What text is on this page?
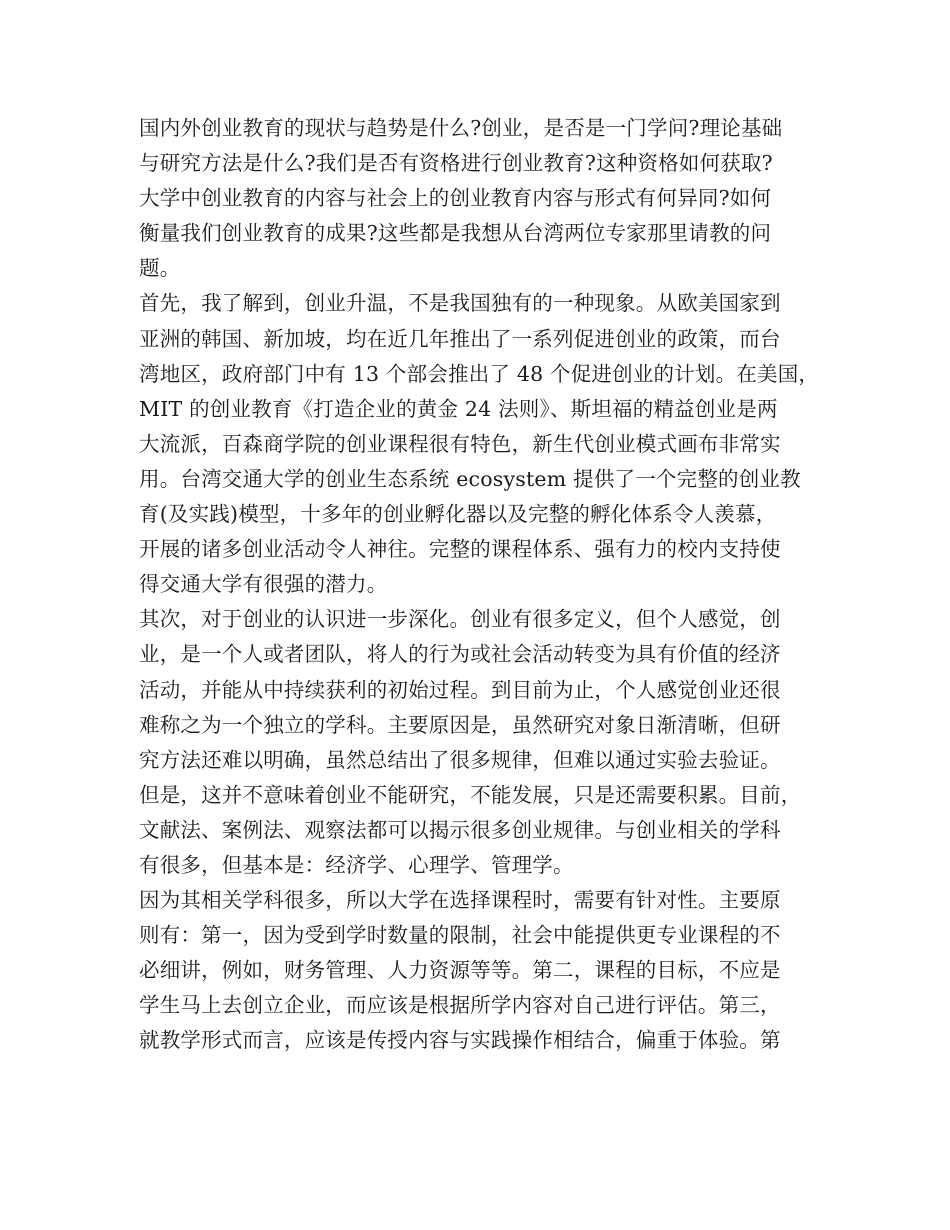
国内外创业教育的现状与趋势是什么?创业，是否是一门学问?理论基础
与研究方法是什么?我们是否有资格进行创业教育?这种资格如何获取?
大学中创业教育的内容与社会上的创业教育内容与形式有何异同?如何
衡量我们创业教育的成果?这些都是我想从台湾两位专家那里请教的问
题。
首先，我了解到，创业升温，不是我国独有的一种现象。从欧美国家到
亚洲的韩国、新加坡，均在近几年推出了一系列促进创业的政策，而台
湾地区，政府部门中有 13 个部会推出了 48 个促进创业的计划。在美国，
MIT 的创业教育《打造企业的黄金 24 法则》、斯坦福的精益创业是两
大流派，百森商学院的创业课程很有特色，新生代创业模式画布非常实
用。台湾交通大学的创业生态系统 ecosystem 提供了一个完整的创业教
育(及实践)模型，十多年的创业孵化器以及完整的孵化体系令人羡慕，
开展的诸多创业活动令人神往。完整的课程体系、强有力的校内支持使
得交通大学有很强的潜力。
其次，对于创业的认识进一步深化。创业有很多定义，但个人感觉，创
业，是一个人或者团队，将人的行为或社会活动转变为具有价值的经济
活动，并能从中持续获利的初始过程。到目前为止，个人感觉创业还很
难称之为一个独立的学科。主要原因是，虽然研究对象日渐清晰，但研
究方法还难以明确，虽然总结出了很多规律，但难以通过实验去验证。
但是，这并不意味着创业不能研究，不能发展，只是还需要积累。目前，
文献法、案例法、观察法都可以揭示很多创业规律。与创业相关的学科
有很多，但基本是：经济学、心理学、管理学。
因为其相关学科很多，所以大学在选择课程时，需要有针对性。主要原
则有：第一，因为受到学时数量的限制，社会中能提供更专业课程的不
必细讲，例如，财务管理、人力资源等等。第二，课程的目标，不应是
学生马上去创立企业，而应该是根据所学内容对自己进行评估。第三，
就教学形式而言，应该是传授内容与实践操作相结合，偏重于体验。第
